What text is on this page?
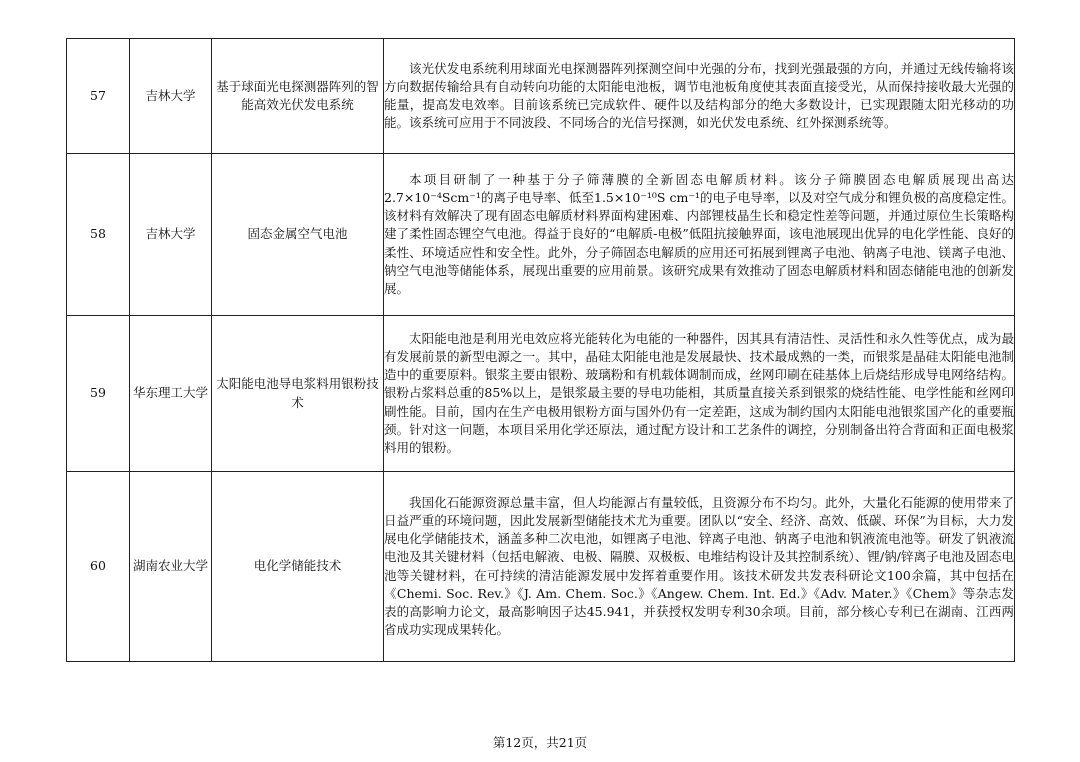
57	吉林大学	基于球面光电探测器阵列的智能高效光伏发电系统	该光伏发电系统利用球面光电探测器阵列探测空间中光强的分布，找到光强最强的方向，并通过无线传输将该方向数据传输给具有自动转向功能的太阳能电池板，调节电池板角度使其表面直接受光，从而保持接收最大光强的能量，提高发电效率。目前该系统已完成软件、硬件以及结构部分的绝大多数设计，已实现跟随太阳光移动的功能。该系统可应用于不同波段、不同场合的光信号探测，如光伏发电系统、红外探测系统等。

58	吉林大学	固态金属空气电池	本项目研制了一种基于分子筛薄膜的全新固态电解质材料。该分子筛膜固态电解质展现出高达2.7×10⁻⁴Scm⁻¹的离子电导率、低至1.5×10⁻¹⁰S cm⁻¹的电子电导率，以及对空气成分和锂负极的高度稳定性。该材料有效解决了现有固态电解质材料界面构建困难、内部锂枝晶生长和稳定性差等问题，并通过原位生长策略构建了柔性固态锂空气电池。得益于良好的“电解质-电极”低阻抗接触界面，该电池展现出优异的电化学性能、良好的柔性、环境适应性和安全性。此外，分子筛固态电解质的应用还可拓展到锂离子电池、钠离子电池、镁离子电池、钠空气电池等储能体系，展现出重要的应用前景。该研究成果有效推动了固态电解质材料和固态储能电池的创新发展。

59	华东理工大学	太阳能电池导电浆料用银粉技术	太阳能电池是利用光电效应将光能转化为电能的一种器件，因其具有清洁性、灵活性和永久性等优点，成为最有发展前景的新型电源之一。其中，晶硅太阳能电池是发展最快、技术最成熟的一类，而银浆是晶硅太阳能电池制造中的重要原料。银浆主要由银粉、玻璃粉和有机载体调制而成，丝网印刷在硅基体上后烧结形成导电网络结构。银粉占浆料总重的85%以上，是银浆最主要的导电功能相，其质量直接关系到银浆的烧结性能、电学性能和丝网印刷性能。目前，国内在生产电极用银粉方面与国外仍有一定差距，这成为制约国内太阳能电池银浆国产化的重要瓶颈。针对这一问题，本项目采用化学还原法，通过配方设计和工艺条件的调控，分别制备出符合背面和正面电极浆料用的银粉。

60	湖南农业大学	电化学储能技术	我国化石能源资源总量丰富，但人均能源占有量较低，且资源分布不均匀。此外，大量化石能源的使用带来了日益严重的环境问题，因此发展新型储能技术尤为重要。团队以“安全、经济、高效、低碳、环保”为目标，大力发展电化学储能技术，涵盖多种二次电池，如锂离子电池、锌离子电池、钠离子电池和钒液流电池等。研发了钒液流电池及其关键材料（包括电解液、电极、隔膜、双极板、电堆结构设计及其控制系统）、锂/钠/锌离子电池及固态电池等关键材料，在可持续的清洁能源发展中发挥着重要作用。该技术研发共发表科研论文100余篇，其中包括在《Chemi. Soc. Rev.》《J. Am. Chem. Soc.》《Angew. Chem. Int. Ed.》《Adv. Mater.》《Chem》等杂志发表的高影响力论文，最高影响因子达45.941，并获授权发明专利30余项。目前，部分核心专利已在湖南、江西两省成功实现成果转化。

第12页，共21页
